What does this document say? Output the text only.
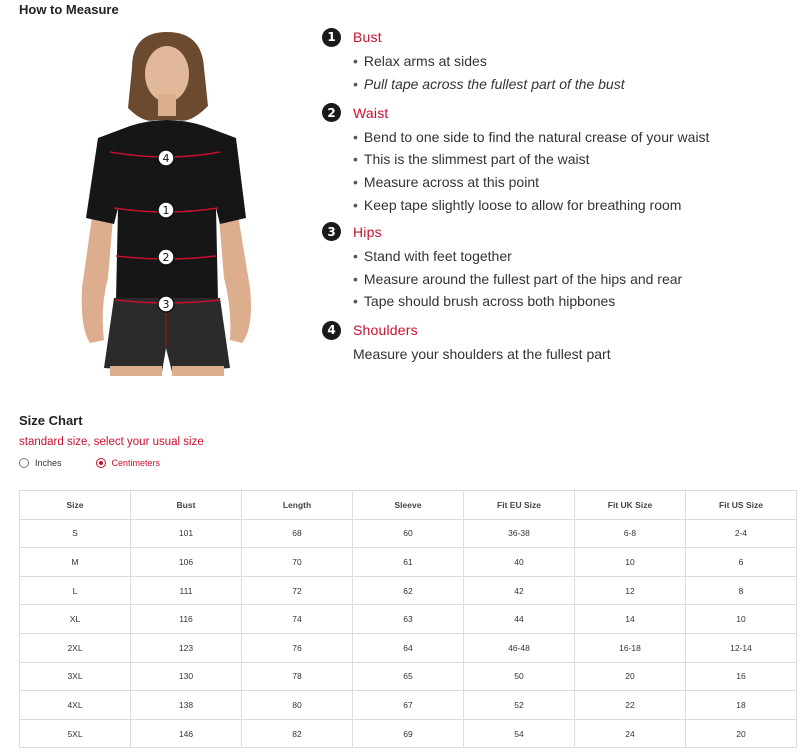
How to Measure
4
1
2
3
1	Bust
• Relax arms at sides
• Pull tape across the fullest part of the bust
2	Waist
• Bend to one side to find the natural crease of your waist
• This is the slimmest part of the waist
• Measure across at this point
• Keep tape slightly loose to allow for breathing room
3	Hips
• Stand with feet together
• Measure around the fullest part of the hips and rear
• Tape should brush across both hipbones
4	Shoulders
Measure your shoulders at the fullest part
Size Chart
standard size, select your usual size
Inches	Centimeters
Size	Bust	Length	Sleeve	Fit EU Size	Fit UK Size	Fit US Size
S	101	68	60	36-38	6-8	2-4
M	106	70	61	40	10	6
L	111	72	62	42	12	8
XL	116	74	63	44	14	10
2XL	123	76	64	46-48	16-18	12-14
3XL	130	78	65	50	20	16
4XL	138	80	67	52	22	18
5XL	146	82	69	54	24	20
